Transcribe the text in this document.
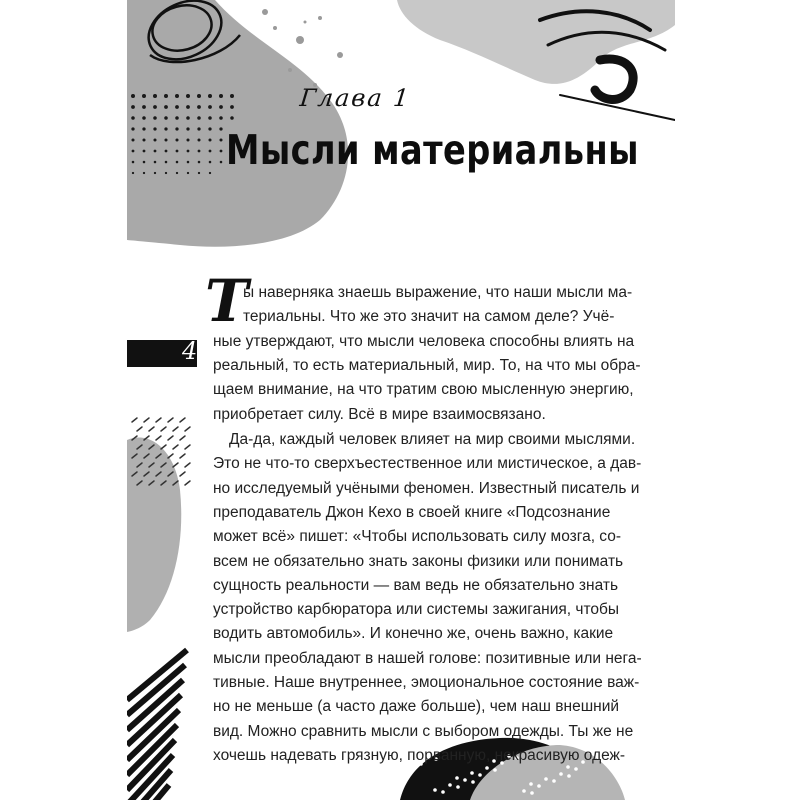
Глава 1
Мысли материальны
4
Т
ы наверняка знаешь выражение, что наши мысли ма-
териальны. Что же это значит на самом деле? Учё-
ные утверждают, что мысли человека способны влиять на
реальный, то есть материальный, мир. То, на что мы обра-
щаем внимание, на что тратим свою мысленную энергию,
приобретает силу. Всё в мире взаимосвязано.
Да-да, каждый человек влияет на мир своими мыслями.
Это не что-то сверхъестественное или мистическое, а дав-
но исследуемый учёными феномен. Известный писатель и
преподаватель Джон Кехо в своей книге «Подсознание
может всё» пишет: «Чтобы использовать силу мозга, со-
всем не обязательно знать законы физики или понимать
сущность реальности — вам ведь не обязательно знать
устройство карбюратора или системы зажигания, чтобы
водить автомобиль». И конечно же, очень важно, какие
мысли преобладают в нашей голове: позитивные или нега-
тивные. Наше внутреннее, эмоциональное состояние важ-
но не меньше (а часто даже больше), чем наш внешний
вид. Можно сравнить мысли с выбором одежды. Ты же не
хочешь надевать грязную, порванную, некрасивую одеж-
